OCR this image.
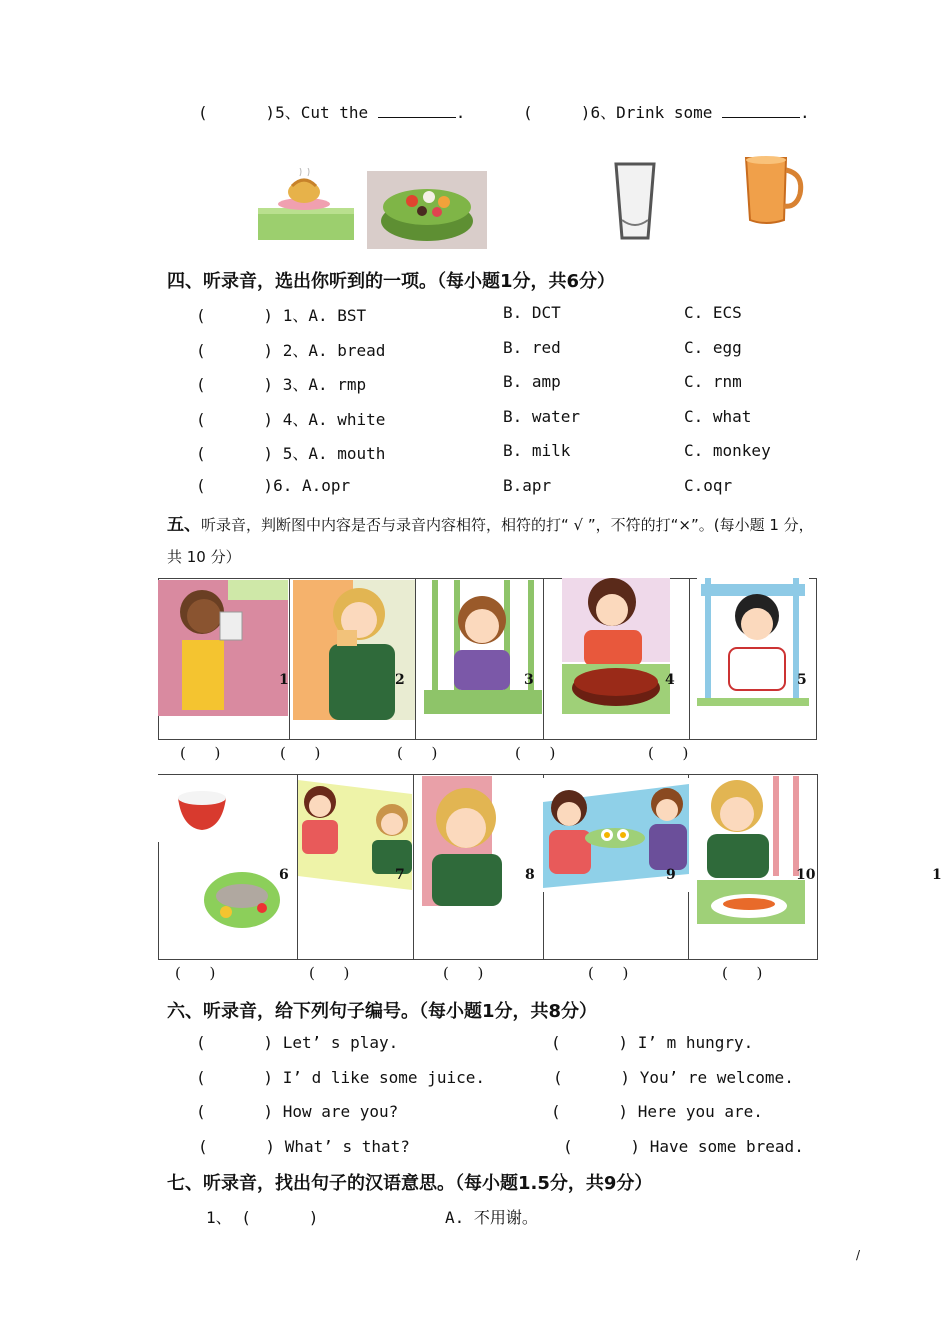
(      )5、Cut the	.	(     )6、Drink some	.
四、听录音，选出你听到的一项。（每小题1分，共6分）
(      ) 1、A. BST	B. DCT	C. ECS
(      ) 2、A. bread	B. red	C. egg
(      ) 3、A. rmp	B. amp	C. rnm
(      ) 4、A. white	B. water	C. what
(      ) 5、A. mouth	B. milk	C. monkey
(      )6. A.opr	B.apr	C.oqr
五、听录音，判断图中内容是否与录音内容相符，相符的打“ √ ”，不符的打“×”。(每小题 1 分，
共 10 分）
1	2	3	4	5
(      )	(      )	(      )	(      )	(      )
6	7	8	9	10	1
(      )	(      )	(      )	(      )	(      )
六、听录音，给下列句子编号。（每小题1分，共8分）
(      ) Let’ s play.	(      ) I’ m hungry.
(      ) I’ d like some juice.	(      ) You’ re welcome.
(      ) How are you?	(      ) Here you are.
(      ) What’ s that?	(      ) Have some bread.
七、听录音，找出句子的汉语意思。（每小题1.5分，共9分）
1、 (      )	A. 不用谢。
/
